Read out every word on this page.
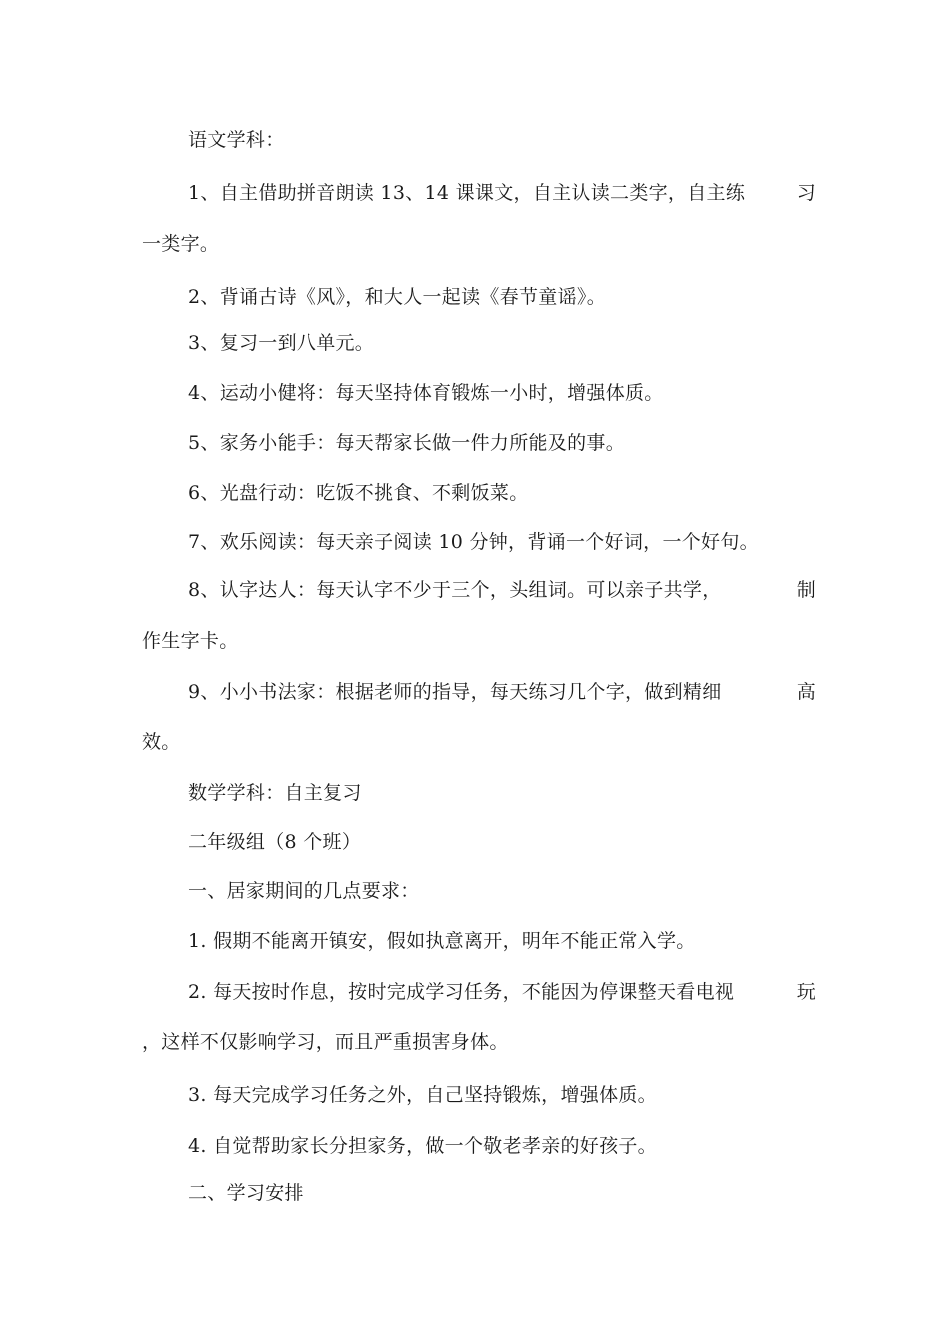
语文学科：
1、自主借助拼音朗读 13、14 课课文，自主认读二类字，自主练	习
一类字。
2、背诵古诗《风》，和大人一起读《春节童谣》。
3、复习一到八单元。
4、运动小健将：每天坚持体育锻炼一小时，增强体质。
5、家务小能手：每天帮家长做一件力所能及的事。
6、光盘行动：吃饭不挑食、不剩饭菜。
7、欢乐阅读：每天亲子阅读 10 分钟，背诵一个好词，一个好句。
8、认字达人：每天认字不少于三个，头组词。可以亲子共学，	制
作生字卡。
9、小小书法家：根据老师的指导，每天练习几个字，做到精细	高
效。
数学学科：自主复习
二年级组（8 个班）
一、居家期间的几点要求：
1. 假期不能离开镇安，假如执意离开，明年不能正常入学。
2. 每天按时作息，按时完成学习任务，不能因为停课整天看电视	玩
，这样不仅影响学习，而且严重损害身体。
3. 每天完成学习任务之外，自己坚持锻炼，增强体质。
4. 自觉帮助家长分担家务，做一个敬老孝亲的好孩子。
二、学习安排
